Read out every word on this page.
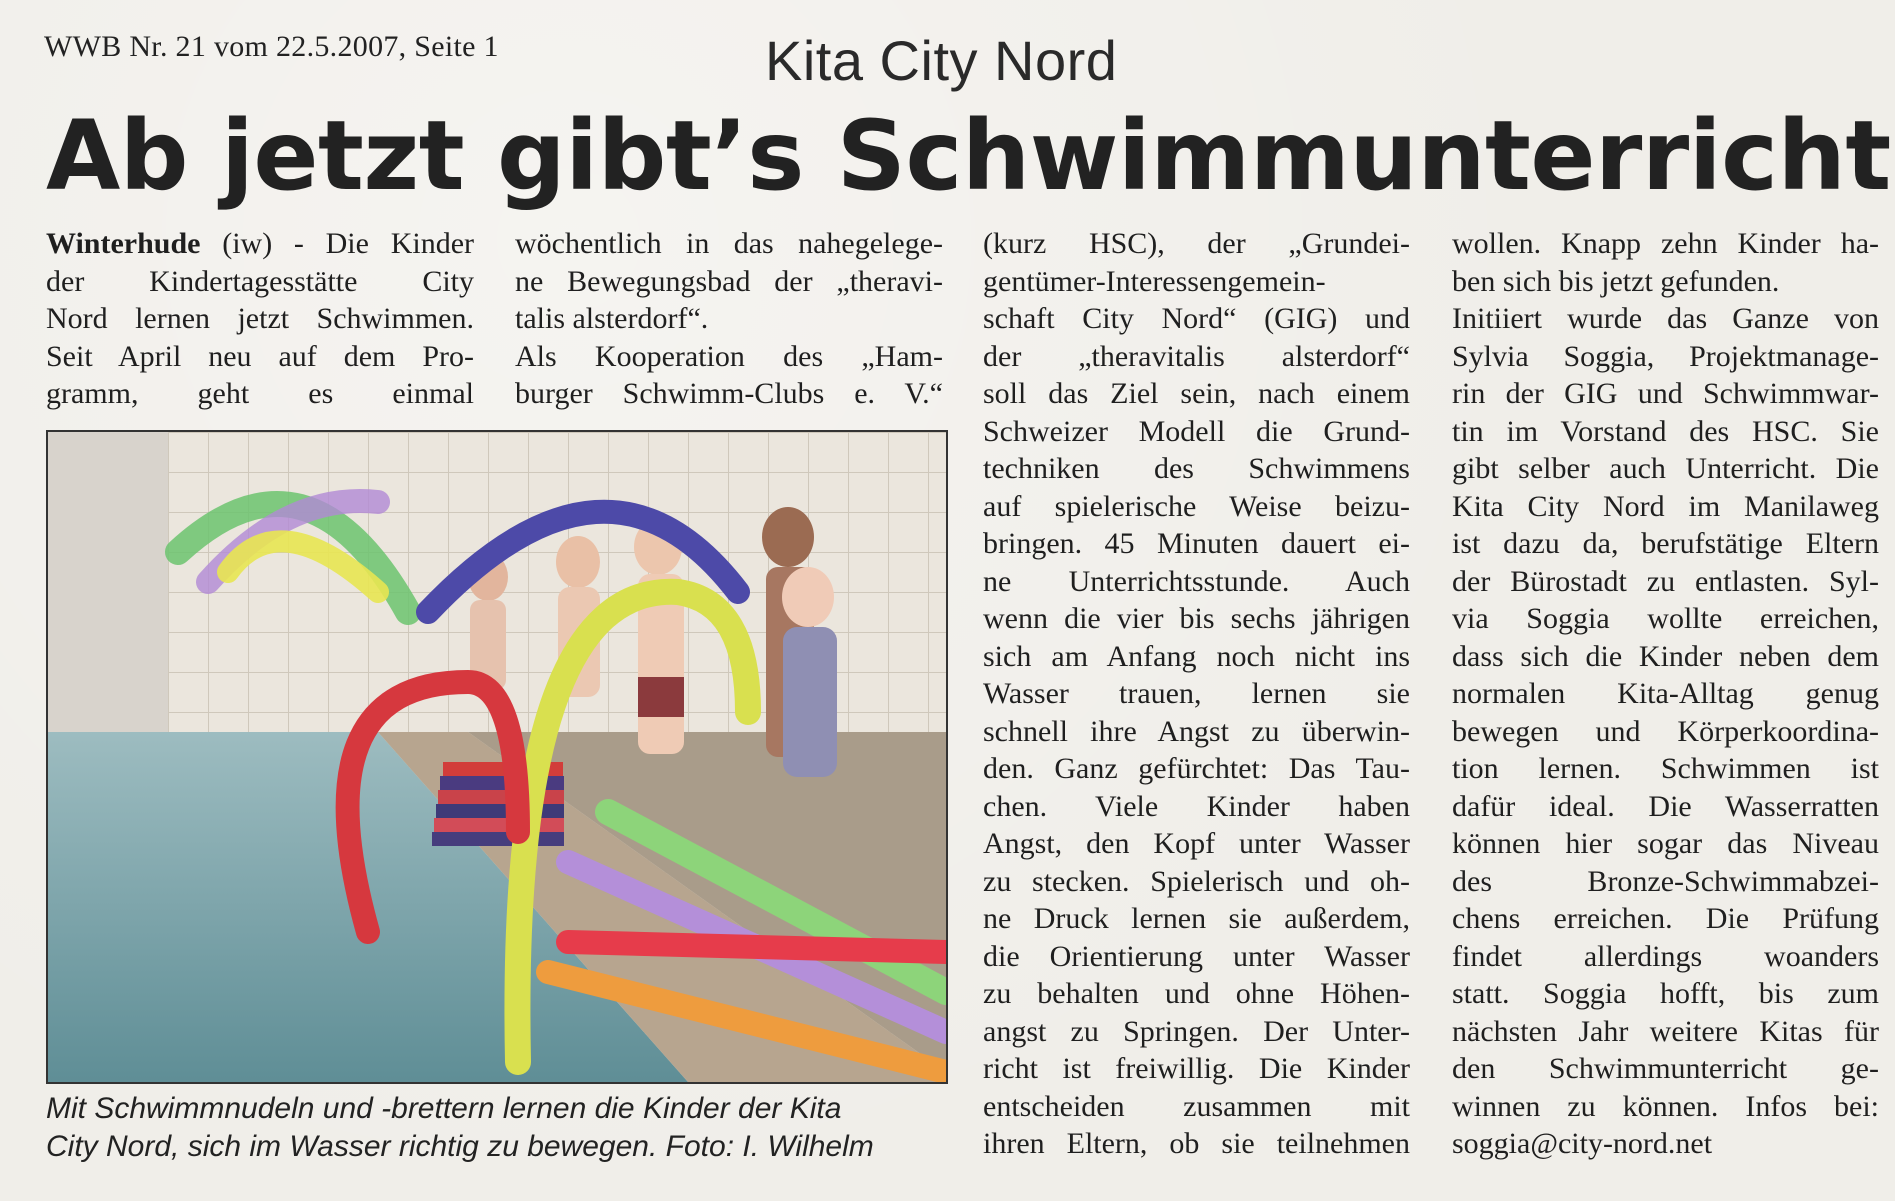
WWB Nr. 21 vom 22.5.2007, Seite 1	Kita City Nord
Ab jetzt gibt’s Schwimmunterricht
Winterhude (iw) - Die Kinder
der Kindertagesstätte City
Nord lernen jetzt Schwimmen.
Seit April neu auf dem Pro-
gramm, geht es einmal
wöchentlich in das nahegelege-
ne Bewegungsbad der „theravi-
talis alsterdorf“.
Als Kooperation des „Ham-
burger Schwimm-Clubs e. V.“
Mit Schwimmnudeln und -brettern lernen die Kinder der Kita
City Nord, sich im Wasser richtig zu bewegen. Foto: I. Wilhelm
(kurz HSC), der „Grundei-
gentümer-Interessengemein-
schaft City Nord“ (GIG) und
der „theravitalis alsterdorf“
soll das Ziel sein, nach einem
Schweizer Modell die Grund-
techniken des Schwimmens
auf spielerische Weise beizu-
bringen. 45 Minuten dauert ei-
ne Unterrichtsstunde. Auch
wenn die vier bis sechs jährigen
sich am Anfang noch nicht ins
Wasser trauen, lernen sie
schnell ihre Angst zu überwin-
den. Ganz gefürchtet: Das Tau-
chen. Viele Kinder haben
Angst, den Kopf unter Wasser
zu stecken. Spielerisch und oh-
ne Druck lernen sie außerdem,
die Orientierung unter Wasser
zu behalten und ohne Höhen-
angst zu Springen. Der Unter-
richt ist freiwillig. Die Kinder
entscheiden zusammen mit
ihren Eltern, ob sie teilnehmen
wollen. Knapp zehn Kinder ha-
ben sich bis jetzt gefunden.
Initiiert wurde das Ganze von
Sylvia Soggia, Projektmanage-
rin der GIG und Schwimmwar-
tin im Vorstand des HSC. Sie
gibt selber auch Unterricht. Die
Kita City Nord im Manilaweg
ist dazu da, berufstätige Eltern
der Bürostadt zu entlasten. Syl-
via Soggia wollte erreichen,
dass sich die Kinder neben dem
normalen Kita-Alltag genug
bewegen und Körperkoordina-
tion lernen. Schwimmen ist
dafür ideal. Die Wasserratten
können hier sogar das Niveau
des Bronze-Schwimmabzei-
chens erreichen. Die Prüfung
findet allerdings woanders
statt. Soggia hofft, bis zum
nächsten Jahr weitere Kitas für
den Schwimmunterricht ge-
winnen zu können. Infos bei:
soggia@city-nord.net
